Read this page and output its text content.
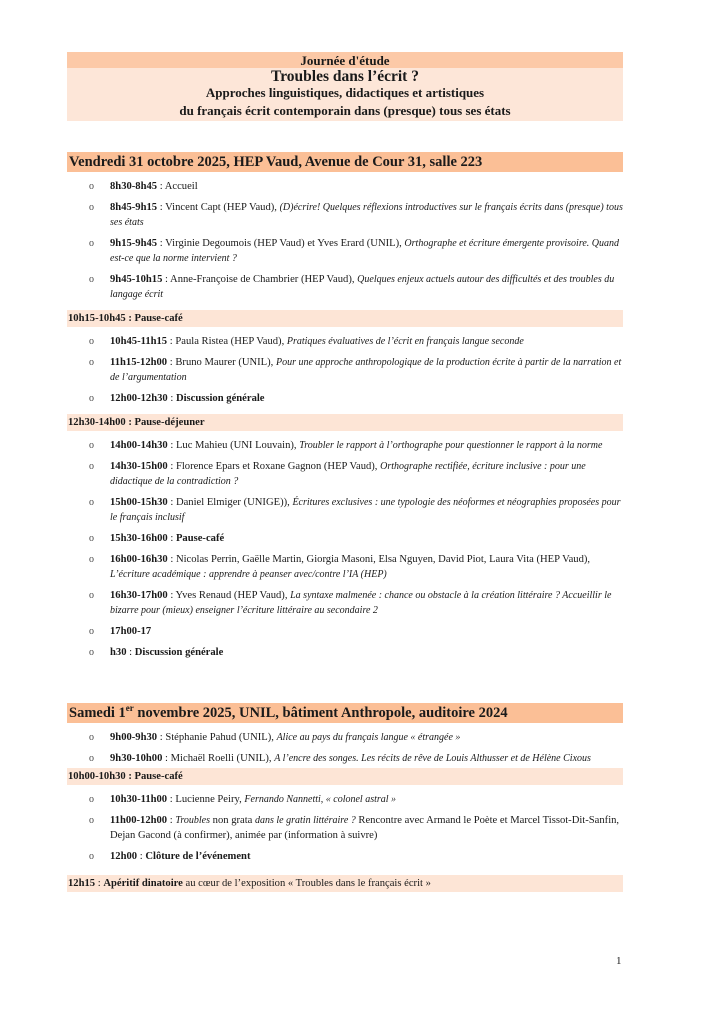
Journée d'étude
Troubles dans l’écrit ?
Approches linguistiques, didactiques et artistiques
du français écrit contemporain dans (presque) tous ses états
Vendredi 31 octobre 2025, HEP Vaud, Avenue de Cour 31, salle 223
o 8h30-8h45 : Accueil
o 8h45-9h15 : Vincent Capt (HEP Vaud), (D)écrire! Quelques réflexions introductives sur le français écrits dans (presque) tous ses états
o 9h15-9h45 : Virginie Degoumois (HEP Vaud) et Yves Erard (UNIL), Orthographe et écriture émergente provisoire. Quand est-ce que la norme intervient ?
o 9h45-10h15 : Anne-Françoise de Chambrier (HEP Vaud), Quelques enjeux actuels autour des difficultés et des troubles du langage écrit
10h15-10h45 : Pause-café
o 10h45-11h15 : Paula Ristea (HEP Vaud), Pratiques évaluatives de l’écrit en français langue seconde
o 11h15-12h00 : Bruno Maurer (UNIL), Pour une approche anthropologique de la production écrite à partir de la narration et de l’argumentation
o 12h00-12h30 : Discussion générale
12h30-14h00 : Pause-déjeuner
o 14h00-14h30 : Luc Mahieu (UNI Louvain), Troubler le rapport à l’orthographe pour questionner le rapport à la norme
o 14h30-15h00 : Florence Epars et Roxane Gagnon (HEP Vaud), Orthographe rectifiée, écriture inclusive : pour une didactique de la contradiction ?
o 15h00-15h30 : Daniel Elmiger (UNIGE)), Écritures exclusives : une typologie des néoformes et néographies proposées pour le français inclusif
o 15h30-16h00 : Pause-café
o 16h00-16h30 : Nicolas Perrin, Gaëlle Martin, Giorgia Masoni, Elsa Nguyen, David Piot, Laura Vita (HEP Vaud), L’écriture académique : apprendre à peanser avec/contre l’IA (HEP)
o 16h30-17h00 : Yves Renaud (HEP Vaud), La syntaxe malmenée : chance ou obstacle à la création littéraire ? Accueillir le bizarre pour (mieux) enseigner l’écriture littéraire au secondaire 2
o 17h00-17
o h30 : Discussion générale
Samedi 1er novembre 2025, UNIL, bâtiment Anthropole, auditoire 2024
o 9h00-9h30 : Stéphanie Pahud (UNIL), Alice au pays du français langue « étrangée »
o 9h30-10h00 : Michaël Roelli (UNIL), A l’encre des songes. Les récits de rêve de Louis Althusser et de Hélène Cixous
10h00-10h30 : Pause-café
o 10h30-11h00 : Lucienne Peiry, Fernando Nannetti, « colonel astral »
o 11h00-12h00 : Troubles non grata dans le gratin littéraire ? Rencontre avec Armand le Poète et Marcel Tissot-Dit-Sanfin, Dejan Gacond (à confirmer), animée par (information à suivre)
o 12h00 : Clôture de l’événement
12h15 : Apéritif dinatoire au cœur de l’exposition « Troubles dans le français écrit »
1
